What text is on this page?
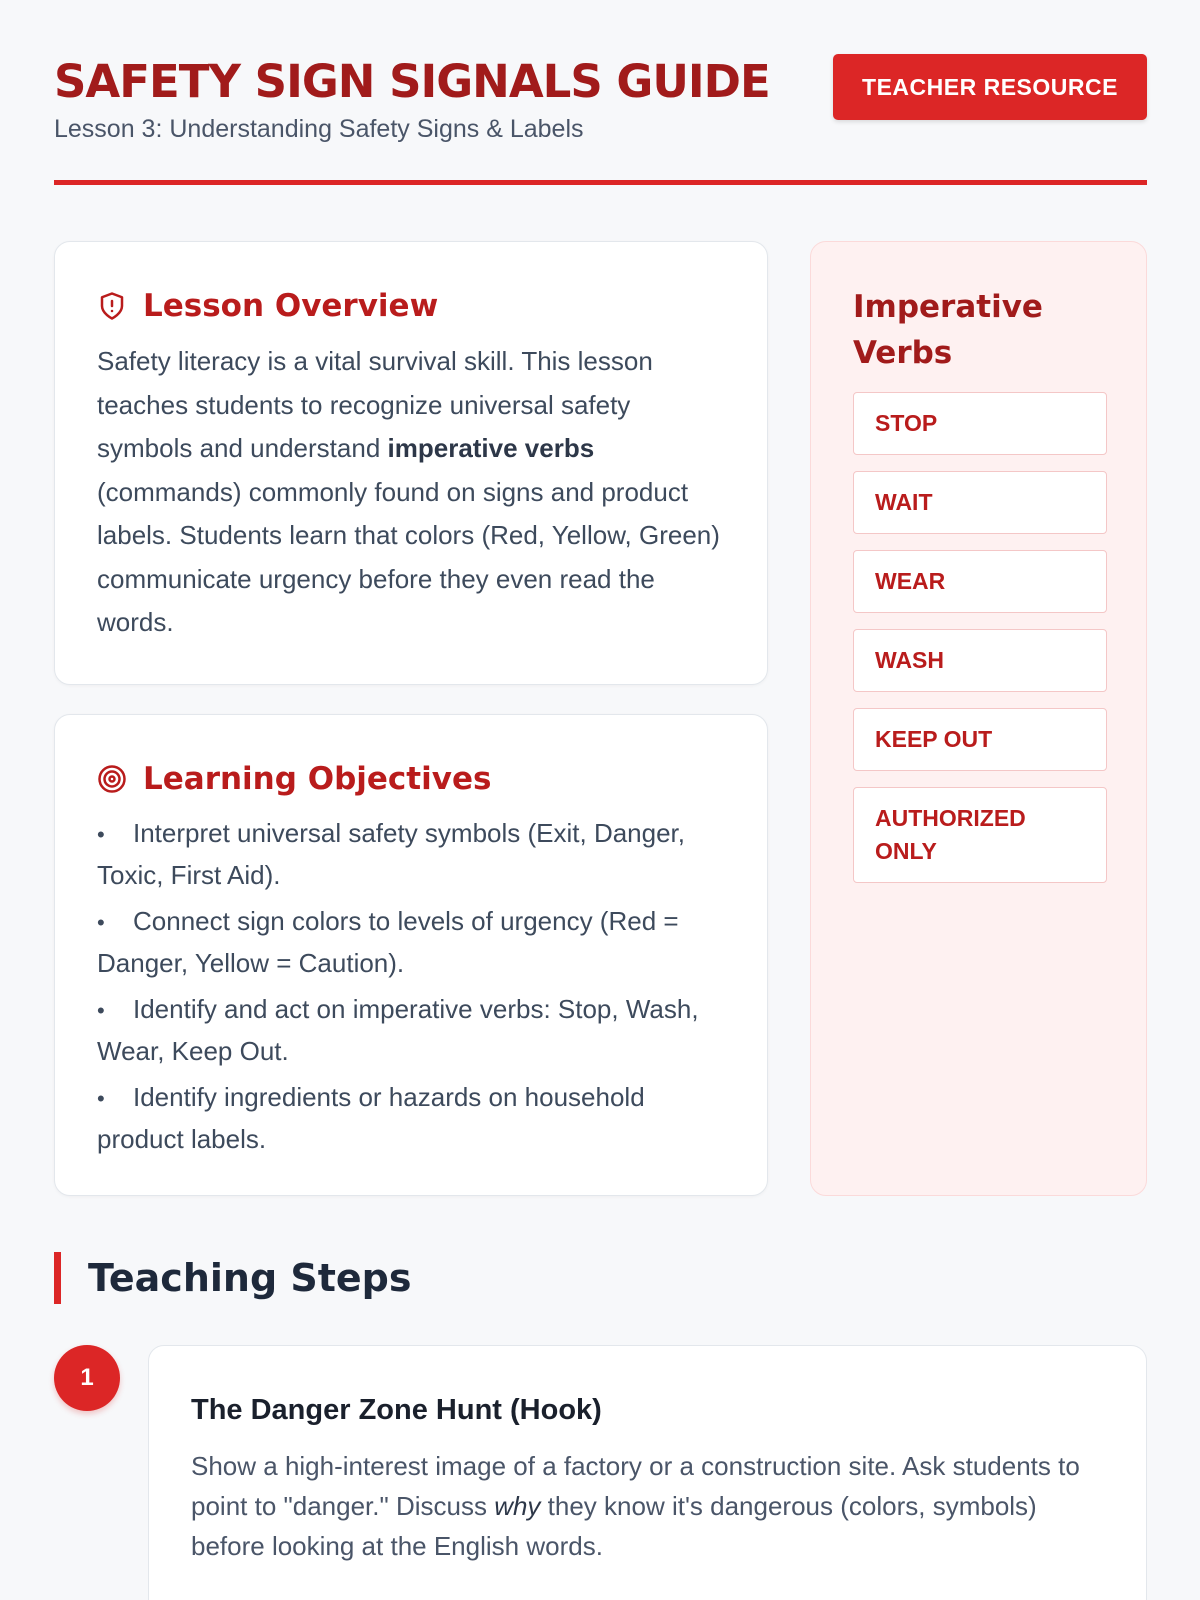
SAFETY SIGN SIGNALS GUIDE
Lesson 3: Understanding Safety Signs & Labels
TEACHER RESOURCE
Lesson Overview

Safety literacy is a vital survival skill. This lesson teaches students to recognize universal safety symbols and understand imperative verbs (commands) commonly found on signs and product labels. Students learn that colors (Red, Yellow, Green) communicate urgency before they even read the words.

Learning Objectives
• Interpret universal safety symbols (Exit, Danger, Toxic, First Aid).
• Connect sign colors to levels of urgency (Red = Danger, Yellow = Caution).
• Identify and act on imperative verbs: Stop, Wash, Wear, Keep Out.
• Identify ingredients or hazards on household product labels.
Imperative Verbs
STOP
WAIT
WEAR
WASH
KEEP OUT
AUTHORIZED ONLY
Teaching Steps
1
The Danger Zone Hunt (Hook)

Show a high-interest image of a factory or a construction site. Ask students to point to "danger." Discuss why they know it's dangerous (colors, symbols) before looking at the English words.
